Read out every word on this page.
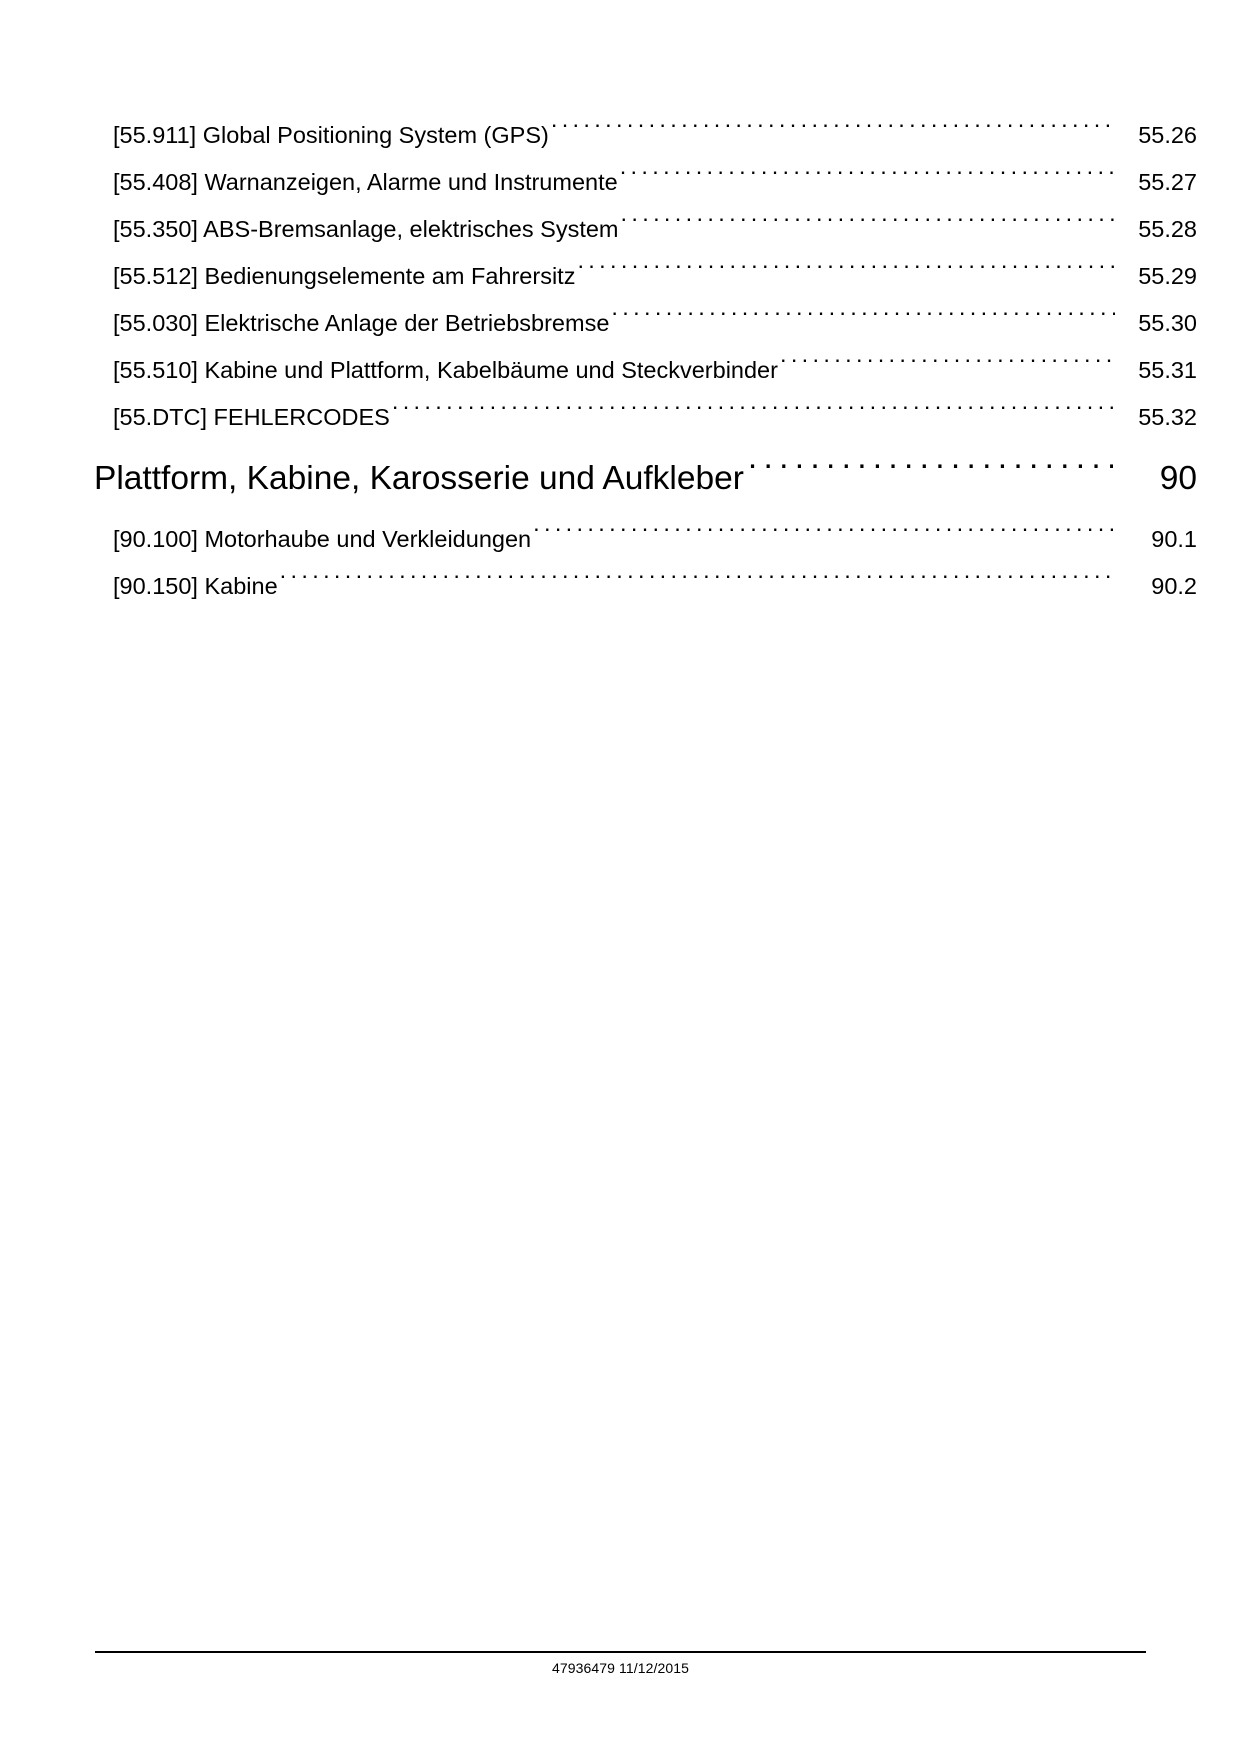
[55.911] Global Positioning System (GPS) . . .	55.26
[55.408] Warnanzeigen, Alarme und Instrumente . . .	55.27
[55.350] ABS-Bremsanlage, elektrisches System . . .	55.28
[55.512] Bedienungselemente am Fahrersitz . . .	55.29
[55.030] Elektrische Anlage der Betriebsbremse . . .	55.30
[55.510] Kabine und Plattform, Kabelbäume und Steckverbinder . . .	55.31
[55.DTC] FEHLERCODES . . .	55.32
Plattform, Kabine, Karosserie und Aufkleber . . .	90
[90.100] Motorhaube und Verkleidungen . . .	90.1
[90.150] Kabine . . .	90.2
47936479 11/12/2015
